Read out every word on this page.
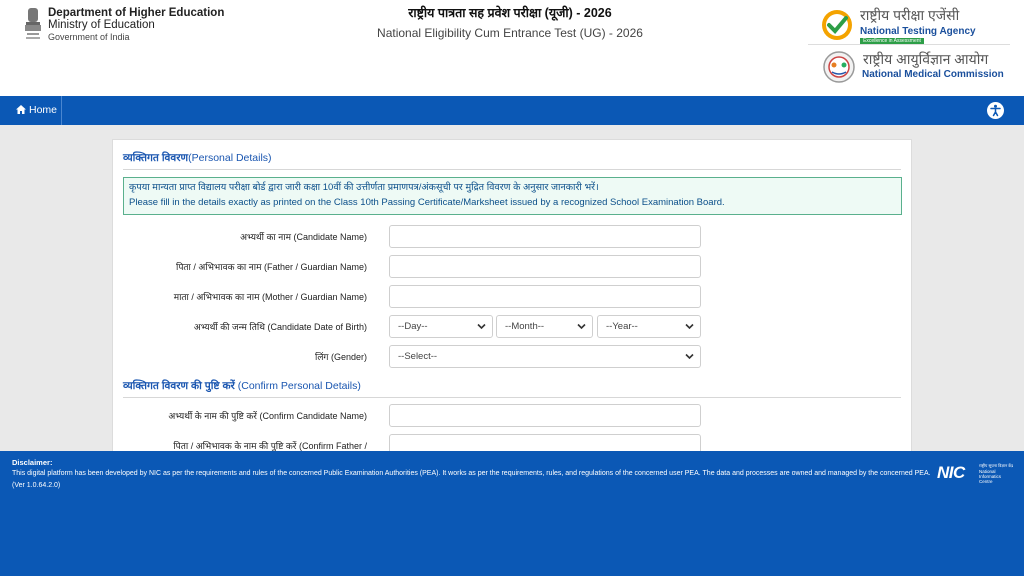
Department of Higher Education
Ministry of Education
Government of India
राष्ट्रीय पात्रता सह प्रवेश परीक्षा (यूजी) - 2026
National Eligibility Cum Entrance Test (UG) - 2026
राष्ट्रीय परीक्षा एजेंसी
National Testing Agency
Excellence in Assessment
राष्ट्रीय आयुर्विज्ञान आयोग
National Medical Commission
Home
व्यक्तिगत विवरण(Personal Details)
कृपया मान्यता प्राप्त विद्यालय परीक्षा बोर्ड द्वारा जारी कक्षा 10वीं की उत्तीर्णता प्रमाणपत्र/अंकसूची पर मुद्रित विवरण के अनुसार जानकारी भरें।
Please fill in the details exactly as printed on the Class 10th Passing Certificate/Marksheet issued by a recognized School Examination Board.
अभ्यर्थी का नाम (Candidate Name)
पिता / अभिभावक का नाम (Father / Guardian Name)
माता / अभिभावक का नाम (Mother / Guardian Name)
अभ्यर्थी की जन्म तिथि (Candidate Date of Birth)	--Day--	--Month--	--Year--
लिंग (Gender)	--Select--
व्यक्तिगत विवरण की पुष्टि करें (Confirm Personal Details)
अभ्यर्थी के नाम की पुष्टि करें (Confirm Candidate Name)
पिता / अभिभावक के नाम की पुष्टि करें (Confirm Father /
Disclaimer:
This digital platform has been developed by NIC as per the requirements and rules of the concerned Public Examination Authorities (PEA). It works as per the requirements, rules, and regulations of the concerned user PEA. The data and processes are owned and managed by the concerned PEA. (Ver 1.0.64.2.0)
NIC	राष्ट्रीय सूचना विज्ञान केंद्र
National Informatics Centre
